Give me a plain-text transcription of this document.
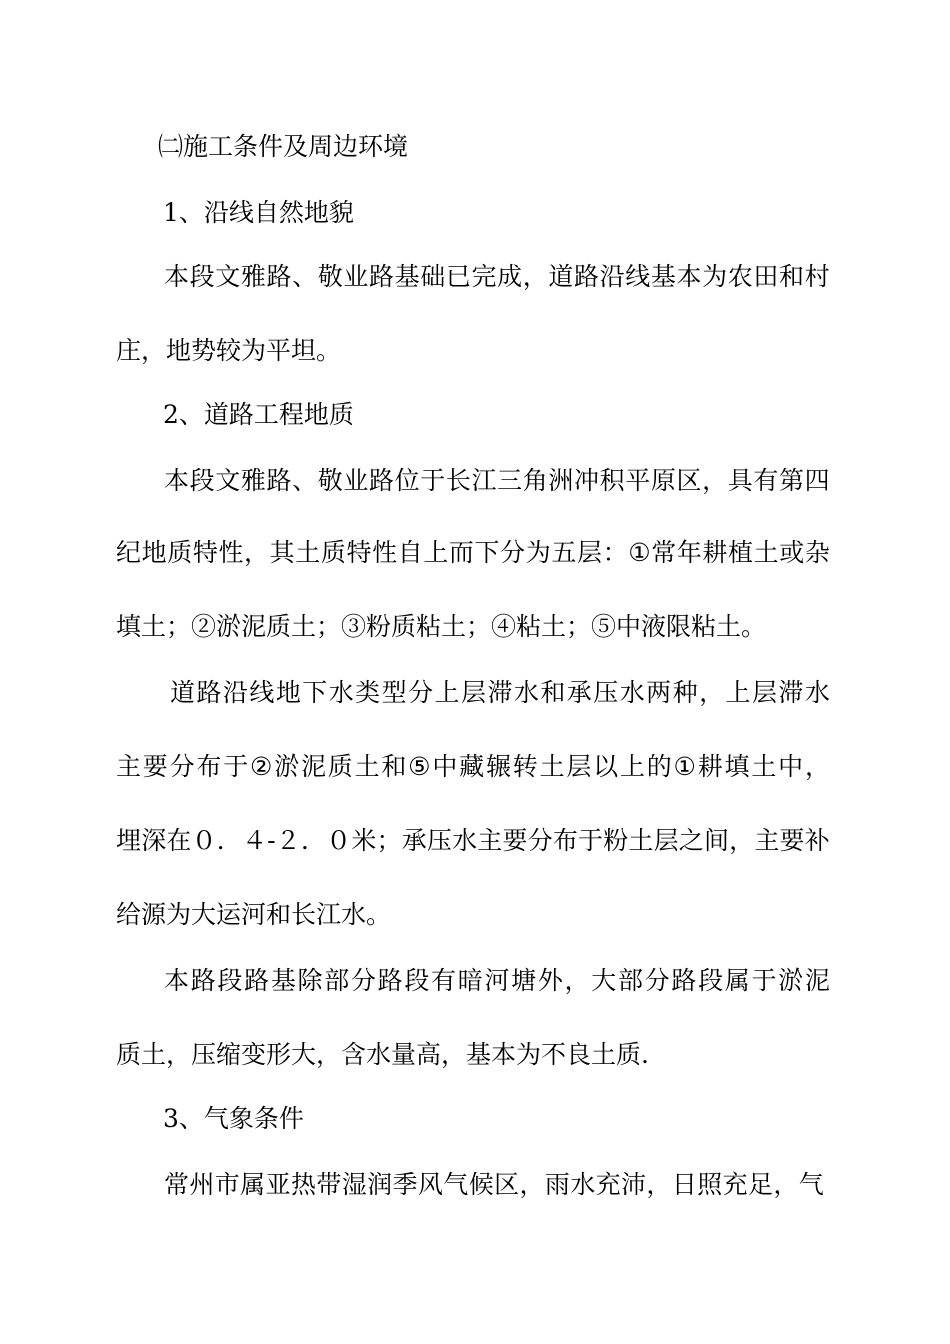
㈡施工条件及周边环境

1、沿线自然地貌

本 段 文 雅 路 、 敬 业 路 基 础 已 完 成 ， 道 路 沿 线 基 本 为 农 田 和 村

庄，地势较为平坦。

2、道路工程地质

本 段 文 雅 路 、 敬 业 路 位 于 长 江 三 角 洲 冲 积 平 原 区 ， 具 有 第 四

纪 地 质 特 性 ， 其 土 质 特 性 自 上 而 下 分 为 五 层 ： ① 常 年 耕 植 土 或 杂

填土；②淤泥质土；③粉质粘土；④粘土；⑤中液限粘土。

道 路 沿 线 地 下 水 类 型 分 上 层 滞 水 和 承 压 水 两 种 ， 上 层 滞 水

主 要 分 布 于 ② 淤 泥 质 土 和 ⑤ 中 藏 辗 转 土 层 以 上 的 ① 耕 填 土 中 ，

埋 深 在 ０ ． ４ - ２ ． ０ 米 ； 承 压 水 主 要 分 布 于 粉 土 层 之 间 ， 主 要 补

给源为大运河和长江水。

本 路 段 路 基 除 部 分 路 段 有 暗 河 塘 外 ， 大 部 分 路 段 属 于 淤 泥

质土，压缩变形大，含水量高，基本为不良土质.

3、气象条件

常 州 市 属 亚 热 带 湿 润 季 风 气 候 区 ， 雨 水 充 沛 ， 日 照 充 足 ， 气
